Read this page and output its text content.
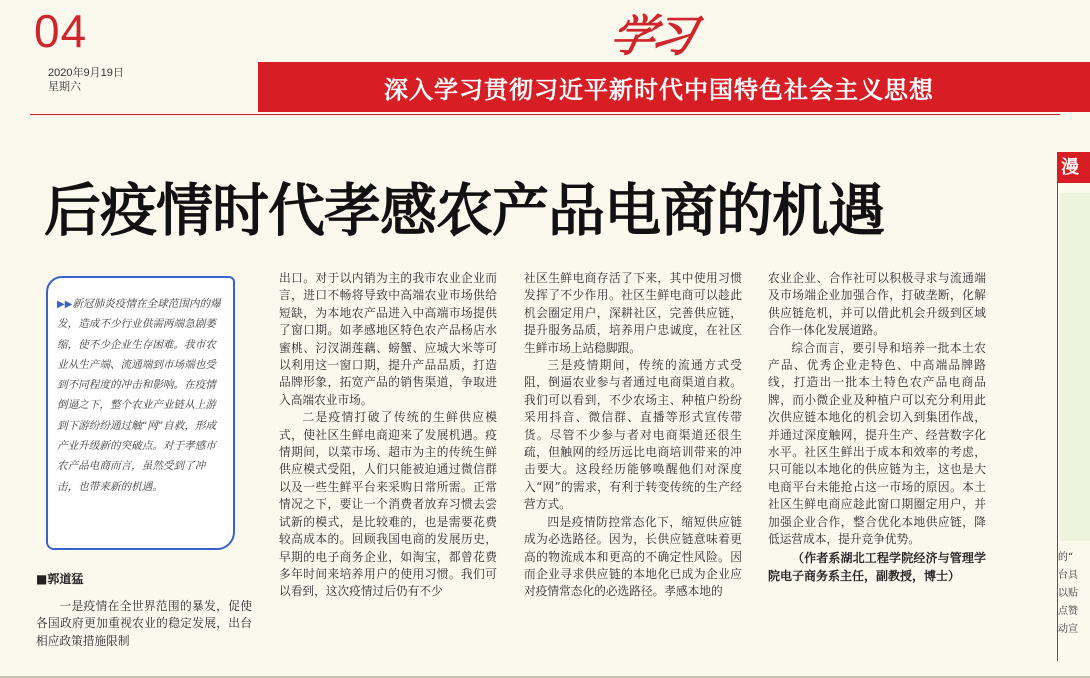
04	学习
2020年9月19日
星期六	深入学习贯彻习近平新时代中国特色社会主义思想
后疫情时代孝感农产品电商的机遇
▶▶新冠肺炎疫情在全球范围内的爆发，造成不少行业供需两端急剧萎缩，使不少企业生存困难。我市农业从生产端、流通端到市场端也受到不同程度的冲击和影响。在疫情倒逼之下，整个农业产业链从上游到下游纷纷通过触“网”自救，形成产业升级新的突破点。对于孝感市农产品电商而言，虽然受到了冲击，也带来新的机遇。
■郭道猛

一是疫情在全世界范围的暴发，促使各国政府更加重视农业的稳定发展，出台相应政策措施限制

出口。对于以内销为主的我市农业企业而言，进口不畅将导致中高端农业市场供给短缺，为本地农产品进入中高端市场提供了窗口期。如孝感地区特色农产品杨店水蜜桃、汈汊湖莲藕、螃蟹、应城大米等可以利用这一窗口期，提升产品品质，打造品牌形象，拓宽产品的销售渠道，争取进入高端农业市场。

二是疫情打破了传统的生鲜供应模式，使社区生鲜电商迎来了发展机遇。疫情期间，以菜市场、超市为主的传统生鲜供应模式受阻，人们只能被迫通过微信群以及一些生鲜平台来采购日常所需。正常情况之下，要让一个消费者放弃习惯去尝试新的模式，是比较难的，也是需要花费较高成本的。回顾我国电商的发展历史，早期的电子商务企业，如淘宝，都曾花费多年时间来培养用户的使用习惯。我们可以看到，这次疫情过后仍有不少

社区生鲜电商存活了下来，其中使用习惯发挥了不少作用。社区生鲜电商可以趁此机会圈定用户，深耕社区，完善供应链，提升服务品质，培养用户忠诚度，在社区生鲜市场上站稳脚跟。

三是疫情期间，传统的流通方式受阻，倒逼农业参与者通过电商渠道自救。我们可以看到，不少农场主、种植户纷纷采用抖音、微信群、直播等形式宣传带货。尽管不少参与者对电商渠道还很生疏，但触网的经历远比电商培训带来的冲击要大。这段经历能够唤醒他们对深度入“网”的需求，有利于转变传统的生产经营方式。

四是疫情防控常态化下，缩短供应链成为必选路径。因为，长供应链意味着更高的物流成本和更高的不确定性风险。因而企业寻求供应链的本地化已成为企业应对疫情常态化的必选路径。孝感本地的

农业企业、合作社可以积极寻求与流通端及市场端企业加强合作，打破垄断，化解供应链危机，并可以借此机会升级到区域合作一体化发展道路。

综合而言，要引导和培养一批本土农产品、优秀企业走特色、中高端品牌路线，打造出一批本土特色农产品电商品牌，而小微企业及种植户可以充分利用此次供应链本地化的机会切入到集团作战，并通过深度触网，提升生产、经营数字化水平。社区生鲜出于成本和效率的考虑，只可能以本地化的供应链为主，这也是大电商平台未能抢占这一市场的原因。本土社区生鲜电商应趁此窗口期圈定用户，并加强企业合作，整合优化本地供应链，降低运营成本，提升竞争优势。

（作者系湖北工程学院经济与管理学院电子商务系主任，副教授，博士）

漫
的“
台具
以贴
点赞
动宣
